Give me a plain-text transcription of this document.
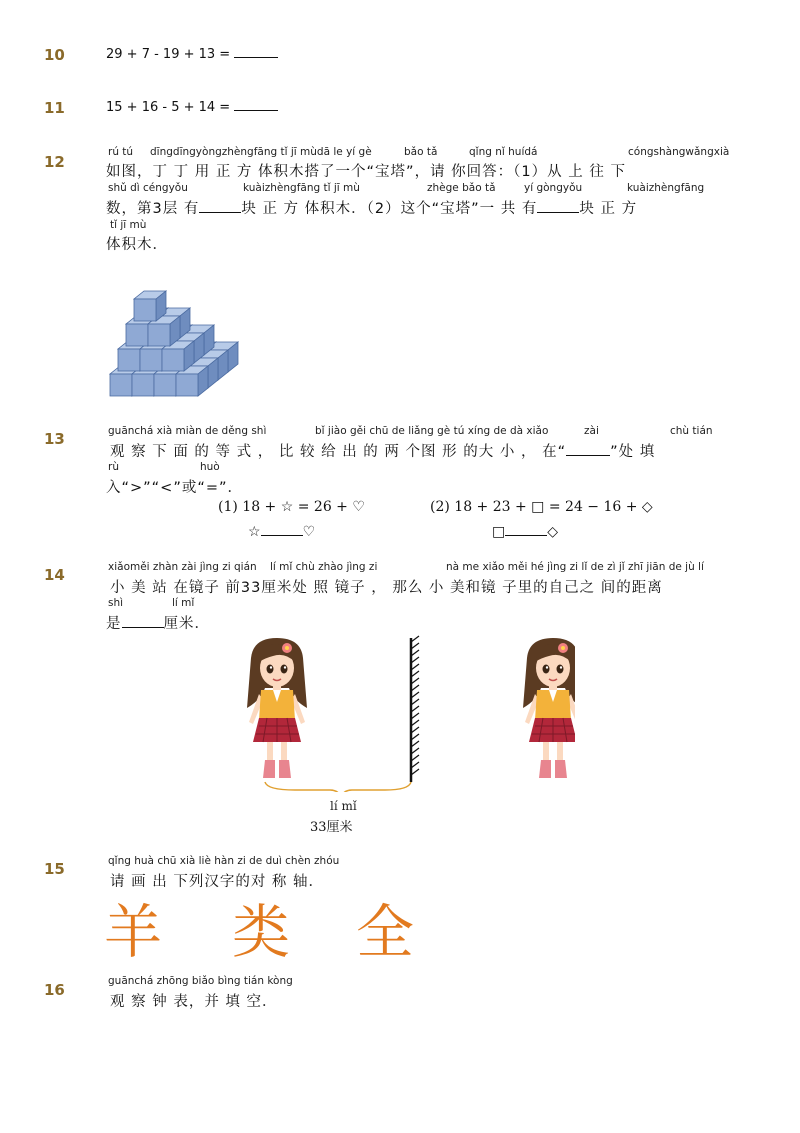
10	29 + 7 - 19 + 13 =
11	15 + 16 - 5 + 14 =
12
rú tú dīngdīngyòngzhèngfāng tǐ jī mùdā le yí gè	bǎo tǎ	qǐng nǐ huídá	cóngshàngwǎngxià
如图，丁 丁 用 正 方 体积木搭了一个“宝塔”，请 你回答：（1）从 上 往 下
shǔ dì céngyǒu	kuàizhèngfāng tǐ jī mù	zhège bǎo tǎ	yí gòngyǒu	kuàizhèngfāng
数，第3层 有	块 正 方 体积木．（2）这个“宝塔”一 共 有	块 正 方
tǐ jī mù
体积木．
13	guānchá xià miàn de děng shì	bǐ jiào gěi chū de liǎng gè tú xíng de dà xiǎo	zài	chù tián
观 察 下 面 的 等 式 ， 比 较 给 出 的 两 个图 形 的大 小 ， 在“	”处 填
rù	huò
入“>”“<”或“=”．
(1) 18 + ☆ = 26 + ♡
☆	♡
(2) 18 + 23 + □ = 24 − 16 + ◇
□	◇
14	xiǎoměi zhàn zài jìng zi qián lí mǐ chù zhào jìng zi	nà me xiǎo měi hé jìng zi lǐ de zì jǐ zhī jiān de jù lí
小 美 站 在镜子 前33厘米处 照 镜子 ， 那么 小 美和镜 子里的自己之 间的距离
shì	lí mǐ
是	厘米．
lí mǐ
33厘米
15	qǐng huà chū xià liè hàn zi de duì chèn zhóu
请 画 出 下列汉字的对 称 轴．
羊 类 全
16	guānchá zhōng biǎo bìng tián kòng
观 察 钟 表，并 填 空．
